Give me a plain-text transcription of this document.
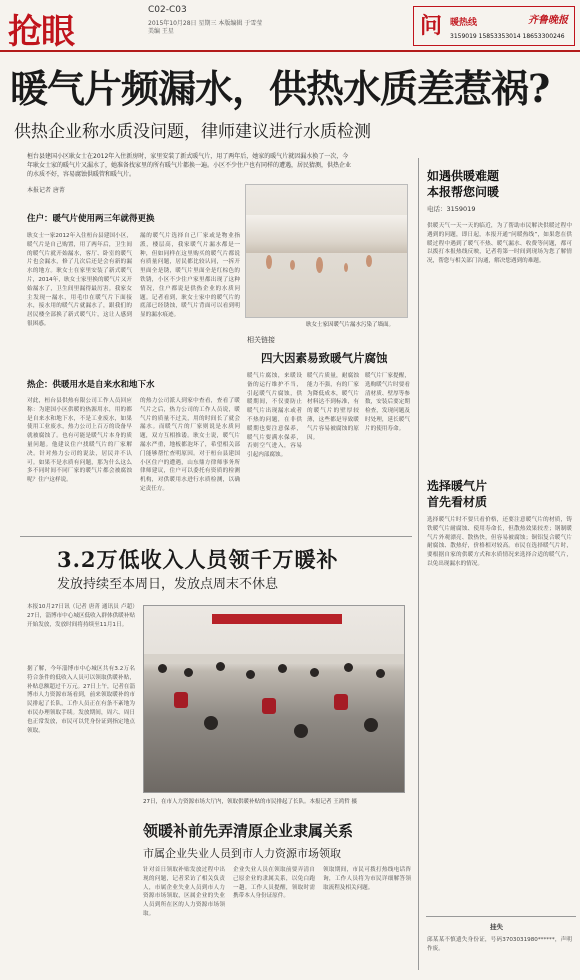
抢眼
C02-C03
2015年10月28日 星期三 本版编辑 于雪莹 美编 王星	问 暖热线	齐鲁晚报
3159019 15853353014 18653300246
暖气片频漏水，供热水质差惹祸?
供热企业称水质没问题，律师建议进行水质检测
桓台县建国小区耿女士在2012年入住新房时，家里安装了新式暖气片，用了两年后，她家的暖气片就因漏水换了一次，今年耿女士家的暖气片又漏水了，她准备找家里的所有暖气片都换一遍。小区不少住户也有同样的遭遇，居民猜测，供热企业的水质不好，容易腐蚀供暖管和暖气片。
本报记者 唐菁
住户：暖气片使用两三年就得更换
耿女士一家2012年入住桓台县建国小区，暖气片是自己购置，用了两年后，卫生间的暖气片就开始漏水，客厅、卧室的暖气片也会漏水，修了几次后还是会有新的漏水的地方。耿女士在家里安装了新式暖气片，2014年，耿女士家里换的暖气片又开始漏水了，卫生间里漏得最厉害。我家女主发现一漏水，用毛巾在暖气片下面接水，接水用的暖气片就漏水了，跟我们的居民楼全部换了新式暖气片，这让人感到很困惑。
漏的暖气片选择自己厂家或是物业指派，楼层高，我家暖气片漏水都是一种，但如同样在这里购买的暖气片都说有质量问题，居民都比较认同，一拆开里面全是锈，暖气片里面全是红棕色的铁锈，小区不少住户家里都出现了这种情况，住户都说是供热企业的水质问题。记者看到，耿女士家中的暖气片的底部已经锈蚀，暖气片背面可以看到明显的漏水痕迹。
热企：供暖用水是自来水和地下水
对此，桓台县供热有限公司工作人员回应称：为建国小区供暖的热源用水，用的都是自来水和地下水，不是工业废水，如果使用工业废水，热力公司上百万的设备早就被腐蚀了。也有可能是暖气片本身的质量问题。他建议住户找暖气片的厂家解决。针对热力公司的说法，居民并不认可。如果不是水质有问题，那为什么这么多不同时间不同厂家的暖气片都会被腐蚀呢？住户这样说。
的热力公司派人到家中查看，查看了暖气片之后，热力公司的工作人员说，暖气片的质量不过关，用的时间长了就会漏水。而暖气片的厂家则说是水质问题，双方互相推诿。耿女士说，暖气片漏水严重，地板都泡坏了，希望相关部门能够帮忙查明原因。对于桓台县建国小区住户的遭遇，山东鼎方律师事务所律师建议，住户可以委托有资质的检测机构，对供暖用水进行水质检测，以确定责任方。
耿女士家因暖气片漏水污染了墙面。
相关链接
四大因素易致暖气片腐蚀
暖气片腐蚀，来暖设备的运行维护不当，引起暖气片腐蚀，供暖期间，不仅要防止暖气片出现漏水或者不热的问题，在非供暖期也要注意保养，暖气片要满水保养，否则空气进入，容易引起内部腐蚀。
暖气片质量，耐腐蚀能力不强，有的厂家为降低成本，暖气片材料达不到标准，有的暖气片的壁厚较薄，这些都是导致暖气片容易被腐蚀的原因。
暖气片厂家提醒，选购暖气片时要看清材质、壁厚等参数，安装后要定期检查，发现问题及时处理，延长暖气片的使用寿命。
如遇供暖难题
本报帮您问暖
电话：3159019
供暖天气一天一天的临近，为了帮助市民解决供暖过程中遇到的问题，即日起，本报开通“问暖热线”，如果您在供暖过程中遇到了暖气不热、暖气漏水、收费等问题，都可以拨打本报热线反映，记者将第一时间到现场为您了解情况，帮您与相关部门沟通，解决您遇到的难题。
选择暖气片
首先看材质
选择暖气片时不要只看价格，还要注意暖气片的材质，铸铁暖气片耐腐蚀、使用寿命长，但散热效果较差；钢制暖气片外观漂亮、散热快，但容易被腐蚀；铜铝复合暖气片耐腐蚀、散热好，价格相对较高。市民在选择暖气片时，要根据自家的供暖方式和水质情况来选择合适的暖气片，以免出现漏水的情况。
挂失
邱某某不慎遗失身份证，号码3703031980******，声明作废。
3.2万低收入人员领千万暖补
发放持续至本周日，发放点周末不休息
本报10月27日讯（记者 唐菁 通讯员 卢超）27日，淄博市中心城区低收入群体供暖补贴开始发放，发放时间将持续至11月1日。
据了解，今年淄博市中心城区共有3.2万名符合条件的低收入人员可以领取供暖补贴，补贴总额超过千万元。27日上午，记者在淄博市人力资源市场看到，前来领取暖补的市民排起了长队，工作人员正在有条不紊地为市民办理领取手续。发放期间，周六、周日也正常发放，市民可以凭身份证到指定地点领取。
27日，在市人力资源市场大厅内，领取供暖补贴的市民排起了长队。本报记者 王鸿哲 摄
领暖补前先弄清原企业隶属关系
市属企业失业人员到市人力资源市场领取
针对首日领取补贴发放过程中出现的问题，记者采访了相关负责人，市属企业失业人员到市人力资源市场领取，区属企业的失业人员到所在区的人力资源市场领取。
企业失业人员在领取前要弄清自己原企业的隶属关系，以免白跑一趟。工作人员提醒，领取时需携带本人身份证原件。
领取期间，市民可拨打热线电话咨询，工作人员将为市民详细解答领取流程及相关问题。
